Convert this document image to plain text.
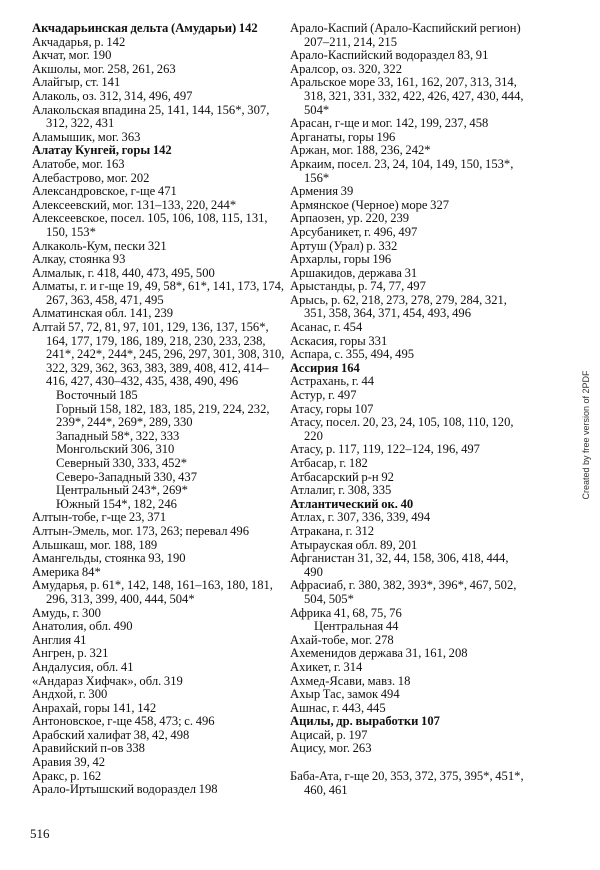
Акчадарьинская дельта (Амударьи) 142

Акчадарья, р. 142

Акчат, мог. 190

Акшолы, мог. 258, 261, 263

Алайгыр, ст. 141

Алаколь, оз. 312, 314, 496, 497

Алакольская впадина 25, 141, 144, 156*, 307, 312, 322, 431

Аламышик, мог. 363

Алатау Кунгей, горы 142

Алатобе, мог. 163

Алебастрово, мог. 202

Александровское, г-ще 471

Алексеевский, мог. 131–133, 220, 244*

Алексеевское, посел. 105, 106, 108, 115, 131, 150, 153*

Алкаколь-Кум, пески 321

Алкау, стоянка 93

Алмалык, г. 418, 440, 473, 495, 500

Алматы, г. и г-ще 19, 49, 58*, 61*, 141, 173, 174, 267, 363, 458, 471, 495

Алматинская обл. 141, 239

Алтай 57, 72, 81, 97, 101, 129, 136, 137, 156*, 164, 177, 179, 186, 189, 218, 230, 233, 238, 241*, 242*, 244*, 245, 296, 297, 301, 308, 310, 322, 329, 362, 363, 383, 389, 408, 412, 414–416, 427, 430–432, 435, 438, 490, 496

Восточный 185

Горный 158, 182, 183, 185, 219, 224, 232, 239*, 244*, 269*, 289, 330

Западный 58*, 322, 333

Монгольский 306, 310

Северный 330, 333, 452*

Северо-Западный 330, 437

Центральный 243*, 269*

Южный 154*, 182, 246

Алтын-тобе, г-ще 23, 371

Алтын-Эмель, мог. 173, 263; перевал 496

Альшкаш, мог. 188, 189

Амангельды, стоянка 93, 190

Америка 84*

Амударья, р. 61*, 142, 148, 161–163, 180, 181, 296, 313, 399, 400, 444, 504*

Амудь, г. 300

Анатолия, обл. 490

Англия 41

Ангрен, р. 321

Андалусия, обл. 41

«Андараз Хифчак», обл. 319

Андхой, г. 300

Анрахай, горы 141, 142

Антоновское, г-ще 458, 473; с. 496

Арабский халифат 38, 42, 498

Аравийский п-ов 338

Аравия 39, 42

Аракс, р. 162

Арало-Иртышский водораздел 198

Арало-Каспий (Арало-Каспийский регион) 207–211, 214, 215

Арало-Каспийский водораздел 83, 91

Аралсор, оз. 320, 322

Аральское море 33, 161, 162, 207, 313, 314, 318, 321, 331, 332, 422, 426, 427, 430, 444, 504*

Арасан, г-ще и мог. 142, 199, 237, 458

Арганаты, горы 196

Аржан, мог. 188, 236, 242*

Аркаим, посел. 23, 24, 104, 149, 150, 153*, 156*

Армения 39

Армянское (Черное) море 327

Арпаозен, ур. 220, 239

Арсубаникет, г. 496, 497

Артуш (Урал) р. 332

Архарлы, горы 196

Аршакидов, держава 31

Арыстанды, р. 74, 77, 497

Арысь, р. 62, 218, 273, 278, 279, 284, 321, 351, 358, 364, 371, 454, 493, 496

Асанас, г. 454

Аскасия, горы 331

Аспара, с. 355, 494, 495

Ассирия 164

Астрахань, г. 44

Астур, г. 497

Атасу, горы 107

Атасу, посел. 20, 23, 24, 105, 108, 110, 120, 220

Атасу, р. 117, 119, 122–124, 196, 497

Атбасар, г. 182

Атбасарский р-н 92

Атлалиг, г. 308, 335

Атлантический ок. 40

Атлах, г. 307, 336, 339, 494

Атракана, г. 312

Атырауская обл. 89, 201

Афганистан 31, 32, 44, 158, 306, 418, 444, 490

Афрасиаб, г. 380, 382, 393*, 396*, 467, 502, 504, 505*

Африка 41, 68, 75, 76

Центральная 44

Ахай-тобе, мог. 278

Ахеменидов держава 31, 161, 208

Ахикет, г. 314

Ахмед-Ясави, мавз. 18

Ахыр Тас, замок 494

Ашнас, г. 443, 445

Ацилы, др. выработки 107

Ацисай, р. 197

Ацису, мог. 263

Баба-Ата, г-ще 20, 353, 372, 375, 395*, 451*, 460, 461

516
Created by free version of 2PDF
